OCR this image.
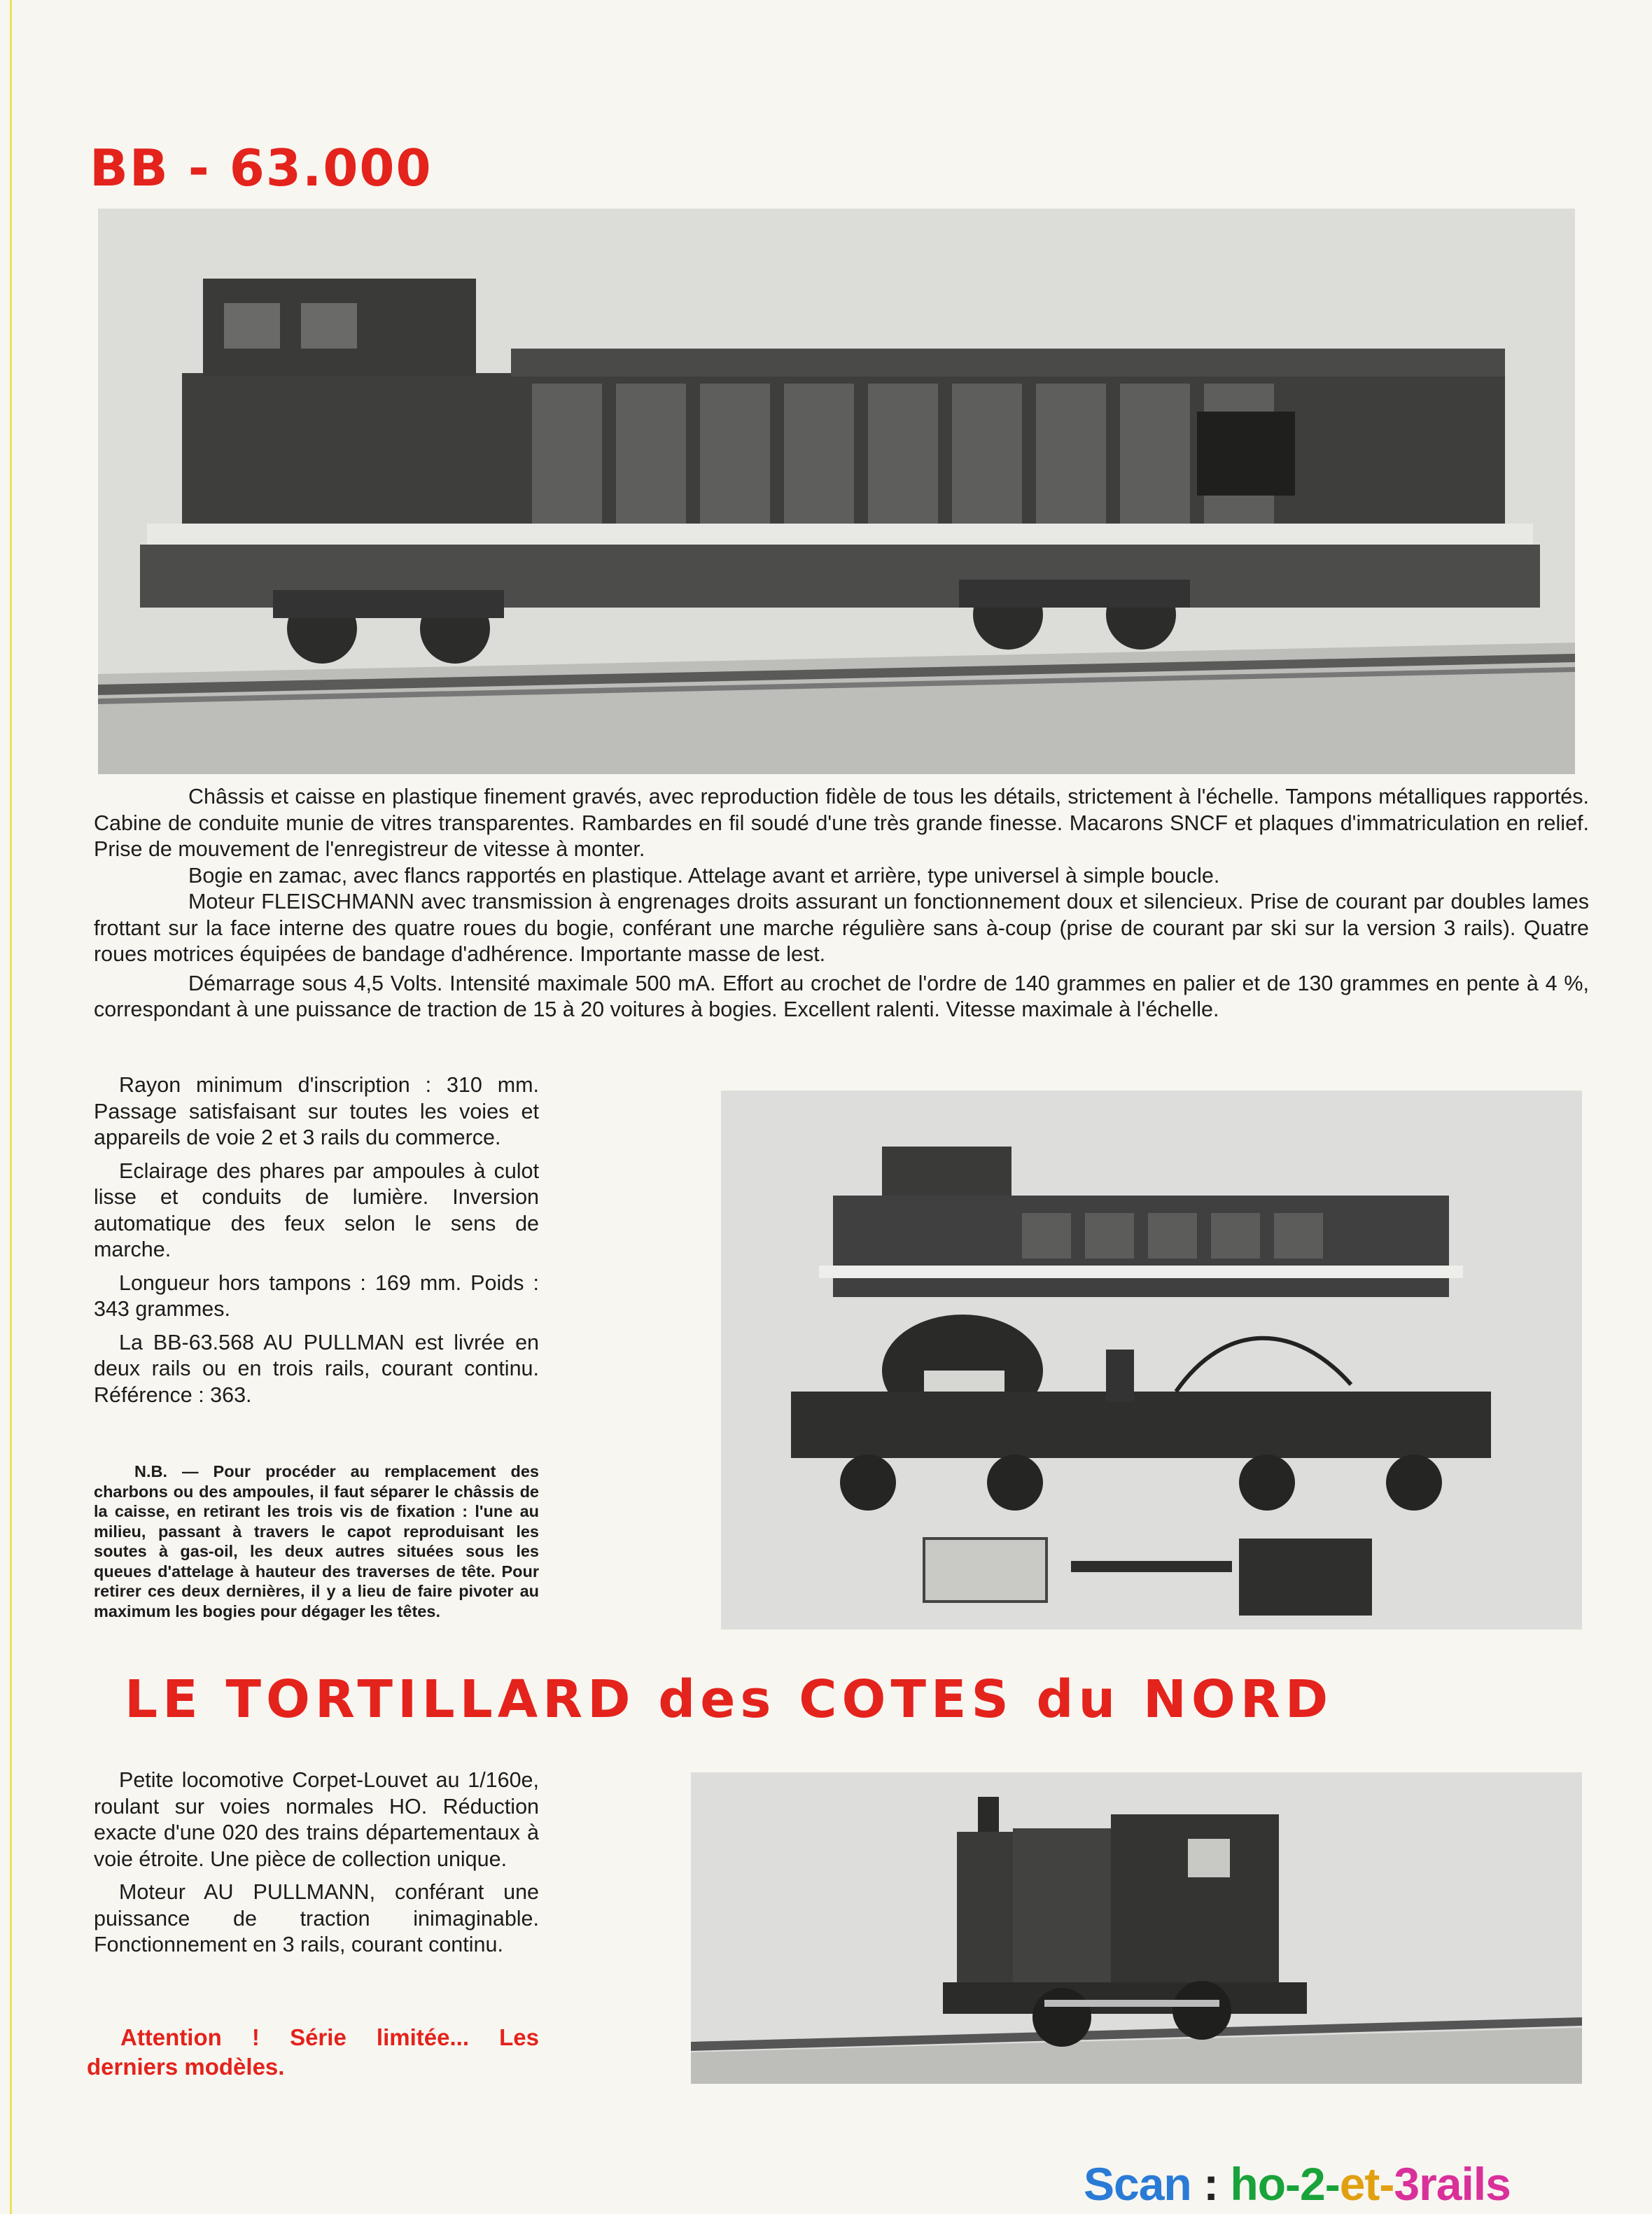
BB - 63.000

Châssis et caisse en plastique finement gravés, avec reproduction fidèle de tous les détails, strictement à l'échelle. Tampons métalliques rapportés. Cabine de conduite munie de vitres transparentes. Rambardes en fil soudé d'une très grande finesse. Macarons SNCF et plaques d'immatriculation en relief. Prise de mouvement de l'enregistreur de vitesse à monter.

Bogie en zamac, avec flancs rapportés en plastique. Attelage avant et arrière, type universel à simple boucle.

Moteur FLEISCHMANN avec transmission à engrenages droits assurant un fonctionnement doux et silencieux. Prise de courant par doubles lames frottant sur la face interne des quatre roues du bogie, conférant une marche régulière sans à-coup (prise de courant par ski sur la version 3 rails). Quatre roues motrices équipées de bandage d'adhérence. Importante masse de lest.

Démarrage sous 4,5 Volts. Intensité maximale 500 mA. Effort au crochet de l'ordre de 140 grammes en palier et de 130 grammes en pente à 4 %, correspondant à une puissance de traction de 15 à 20 voitures à bogies. Excellent ralenti. Vitesse maximale à l'échelle.

Rayon minimum d'inscription : 310 mm. Passage satisfaisant sur toutes les voies et appareils de voie 2 et 3 rails du commerce.

Eclairage des phares par ampoules à culot lisse et conduits de lumière. Inversion automatique des feux selon le sens de marche.

Longueur hors tampons : 169 mm. Poids : 343 grammes.

La BB-63.568 AU PULLMAN est livrée en deux rails ou en trois rails, courant continu. Référence : 363.

N.B. — Pour procéder au remplacement des charbons ou des ampoules, il faut séparer le châssis de la caisse, en retirant les trois vis de fixation : l'une au milieu, passant à travers le capot reproduisant les soutes à gas-oil, les deux autres situées sous les queues d'attelage à hauteur des traverses de tête. Pour retirer ces deux dernières, il y a lieu de faire pivoter au maximum les bogies pour dégager les têtes.
LE TORTILLARD des COTES du NORD

Petite locomotive Corpet-Louvet au 1/160e, roulant sur voies normales HO. Réduction exacte d'une 020 des trains départementaux à voie étroite. Une pièce de collection unique.

Moteur AU PULLMANN, conférant une puissance de traction inimaginable. Fonctionnement en 3 rails, courant continu.

Attention ! Série limitée... Les derniers modèles.
Scan : ho-2-et-3rails
